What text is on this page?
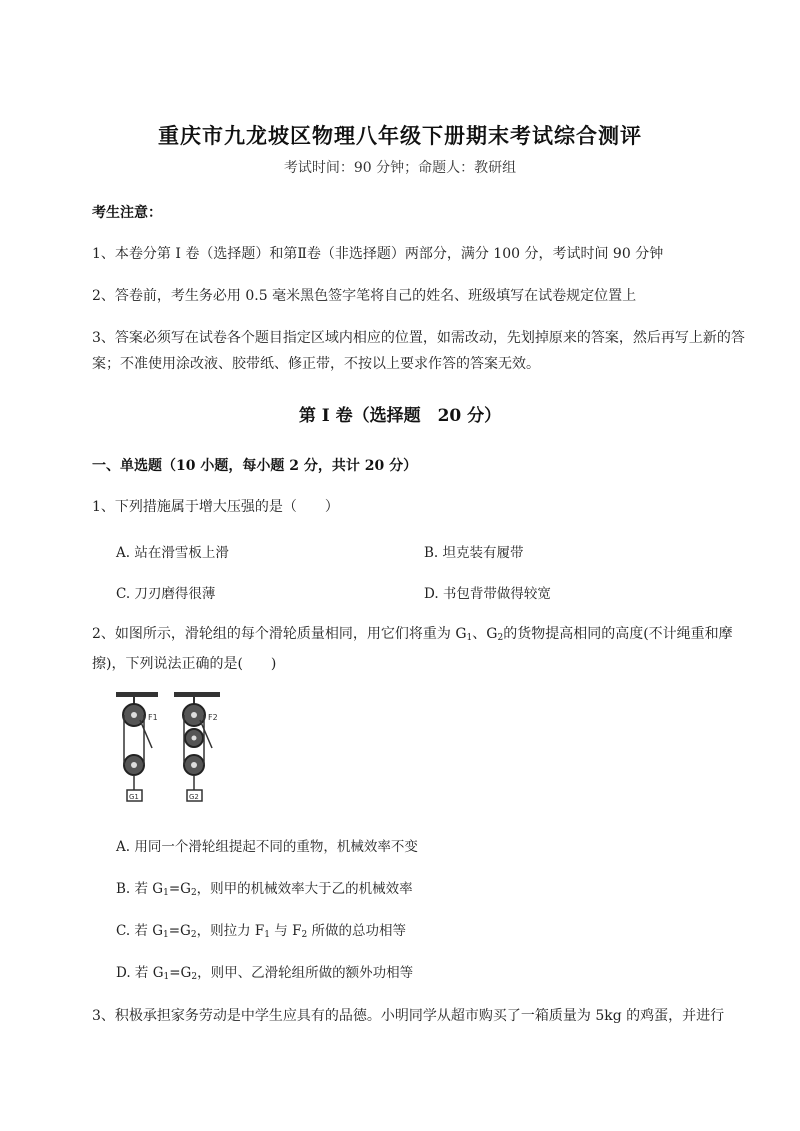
重庆市九龙坡区物理八年级下册期末考试综合测评
考试时间：90 分钟；命题人：教研组
考生注意：
1、本卷分第 I 卷（选择题）和第Ⅱ卷（非选择题）两部分，满分 100 分，考试时间 90 分钟
2、答卷前，考生务必用 0.5 毫米黑色签字笔将自己的姓名、班级填写在试卷规定位置上
3、答案必须写在试卷各个题目指定区域内相应的位置，如需改动，先划掉原来的答案，然后再写上新的答案；不准使用涂改液、胶带纸、修正带，不按以上要求作答的答案无效。
第 I 卷（选择题　20 分）
一、单选题（10 小题，每小题 2 分，共计 20 分）
1、下列措施属于增大压强的是（　　）
A. 站在滑雪板上滑	B. 坦克装有履带
C. 刀刃磨得很薄	D. 书包背带做得较宽
2、如图所示，滑轮组的每个滑轮质量相同，用它们将重为 $G_1$、$G_2$的货物提高相同的高度(不计绳重和摩擦)，下列说法正确的是(　　)
F1
G1
F2
G2
A. 用同一个滑轮组提起不同的重物，机械效率不变
B. 若 $G_1=G_2$，则甲的机械效率大于乙的机械效率
C. 若 $G_1=G_2$，则拉力 $F_1$ 与 $F_2$ 所做的总功相等
D. 若 $G_1=G_2$，则甲、乙滑轮组所做的额外功相等
3、积极承担家务劳动是中学生应具有的品德。小明同学从超市购买了一箱质量为 5kg 的鸡蛋，并进行
